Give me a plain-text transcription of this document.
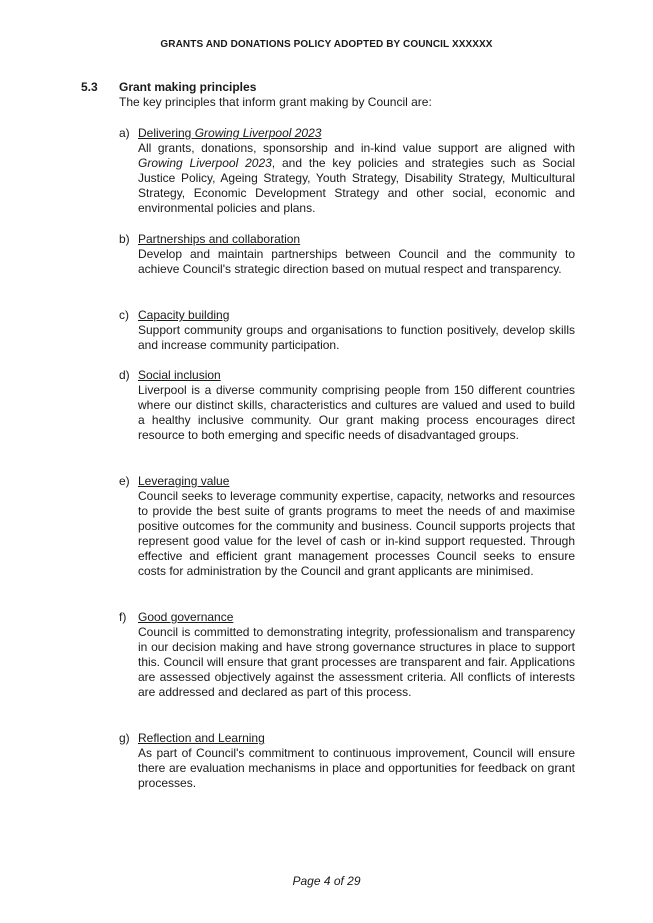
GRANTS AND DONATIONS POLICY ADOPTED BY COUNCIL XXXXXX
5.3 Grant making principles
The key principles that inform grant making by Council are:
a) Delivering Growing Liverpool 2023
All grants, donations, sponsorship and in-kind value support are aligned with Growing Liverpool 2023, and the key policies and strategies such as Social Justice Policy, Ageing Strategy, Youth Strategy, Disability Strategy, Multicultural Strategy, Economic Development Strategy and other social, economic and environmental policies and plans.
b) Partnerships and collaboration
Develop and maintain partnerships between Council and the community to achieve Council's strategic direction based on mutual respect and transparency.
c) Capacity building
Support community groups and organisations to function positively, develop skills and increase community participation.
d) Social inclusion
Liverpool is a diverse community comprising people from 150 different countries where our distinct skills, characteristics and cultures are valued and used to build a healthy inclusive community. Our grant making process encourages direct resource to both emerging and specific needs of disadvantaged groups.
e) Leveraging value
Council seeks to leverage community expertise, capacity, networks and resources to provide the best suite of grants programs to meet the needs of and maximise positive outcomes for the community and business. Council supports projects that represent good value for the level of cash or in-kind support requested. Through effective and efficient grant management processes Council seeks to ensure costs for administration by the Council and grant applicants are minimised.
f) Good governance
Council is committed to demonstrating integrity, professionalism and transparency in our decision making and have strong governance structures in place to support this. Council will ensure that grant processes are transparent and fair. Applications are assessed objectively against the assessment criteria. All conflicts of interests are addressed and declared as part of this process.
g) Reflection and Learning
As part of Council's commitment to continuous improvement, Council will ensure there are evaluation mechanisms in place and opportunities for feedback on grant processes.
Page 4 of 29
